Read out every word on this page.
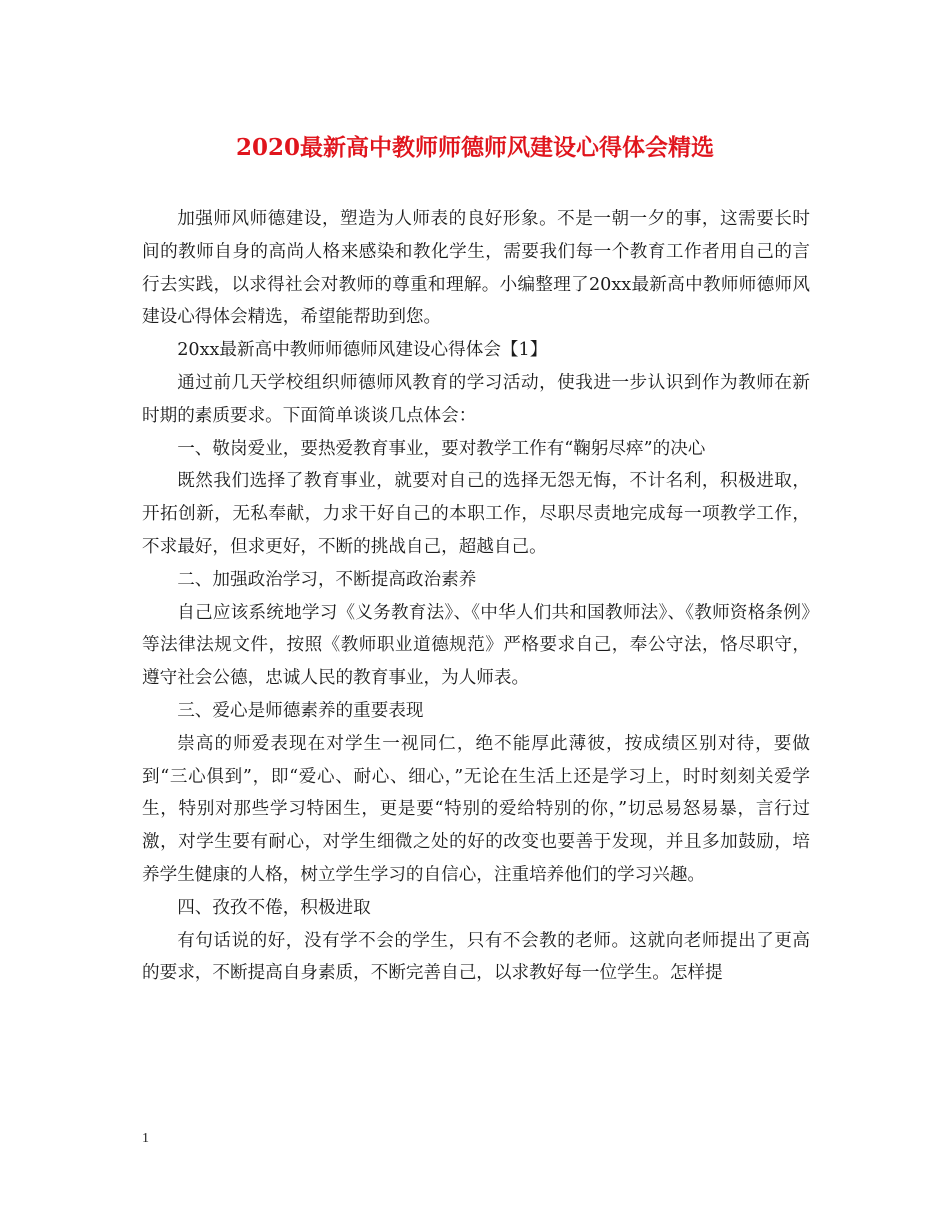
2020最新高中教师师德师风建设心得体会精选

加强师风师德建设，塑造为人师表的良好形象。不是一朝一夕的事，这需要长时间的教师自身的高尚人格来感染和教化学生，需要我们每一个教育工作者用自己的言行去实践，以求得社会对教师的尊重和理解。小编整理了20xx最新高中教师师德师风建设心得体会精选，希望能帮助到您。

20xx最新高中教师师德师风建设心得体会【1】

通过前几天学校组织师德师风教育的学习活动，使我进一步认识到作为教师在新时期的素质要求。下面简单谈谈几点体会：

一、敬岗爱业，要热爱教育事业，要对教学工作有“鞠躬尽瘁”的决心

既然我们选择了教育事业，就要对自己的选择无怨无悔，不计名利，积极进取，开拓创新，无私奉献，力求干好自己的本职工作，尽职尽责地完成每一项教学工作，不求最好，但求更好，不断的挑战自己，超越自己。

二、加强政治学习，不断提高政治素养

自己应该系统地学习《义务教育法》、《中华人们共和国教师法》、《教师资格条例》等法律法规文件，按照《教师职业道德规范》严格要求自己，奉公守法，恪尽职守，遵守社会公德，忠诚人民的教育事业，为人师表。

三、爱心是师德素养的重要表现

崇高的师爱表现在对学生一视同仁，绝不能厚此薄彼，按成绩区别对待，要做到“三心俱到”，即“爱心、耐心、细心，”无论在生活上还是学习上，时时刻刻关爱学生，特别对那些学习特困生，更是要“特别的爱给特别的你，”切忌易怒易暴，言行过激，对学生要有耐心，对学生细微之处的好的改变也要善于发现，并且多加鼓励，培养学生健康的人格，树立学生学习的自信心，注重培养他们的学习兴趣。

四、孜孜不倦，积极进取

有句话说的好，没有学不会的学生，只有不会教的老师。这就向老师提出了更高的要求，不断提高自身素质，不断完善自己，以求教好每一位学生。怎样提

1
